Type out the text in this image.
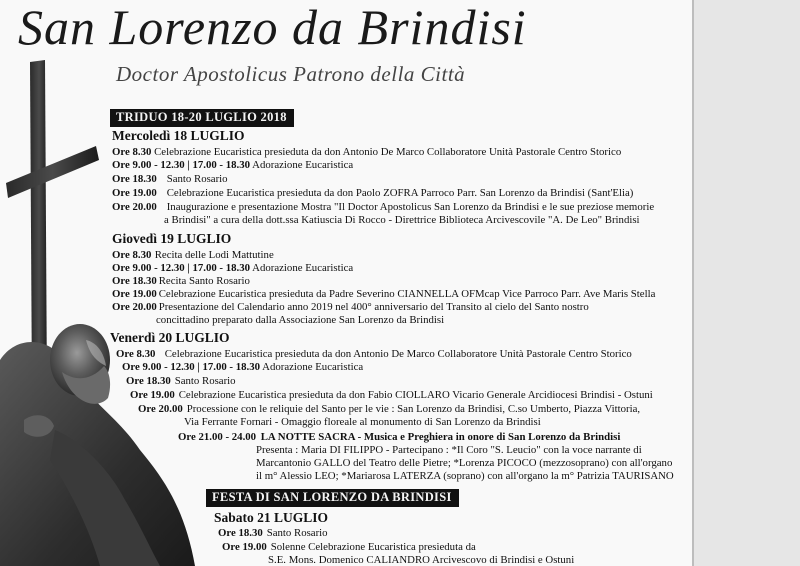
San Lorenzo da Brindisi
Doctor Apostolicus Patrono della Città
TRIDUO 18-20 LUGLIO 2018
Mercoledì 18 LUGLIO
Ore 8.30 Celebrazione Eucaristica presieduta da don Antonio De Marco Collaboratore Unità Pastorale Centro Storico
Ore 9.00 - 12.30 | 17.00 - 18.30 Adorazione Eucaristica
Ore 18.30 Santo Rosario
Ore 19.00 Celebrazione Eucaristica presieduta da don Paolo ZOFRA Parroco Parr. San Lorenzo da Brindisi (Sant'Elia)
Ore 20.00 Inaugurazione e presentazione Mostra "Il Doctor Apostolicus San Lorenzo da Brindisi e le sue preziose memorie
a Brindisi" a cura della dott.ssa Katiuscia Di Rocco - Direttrice Biblioteca Arcivescovile "A. De Leo" Brindisi
Giovedì 19 LUGLIO
Ore 8.30 Recita delle Lodi Mattutine
Ore 9.00 - 12.30 | 17.00 - 18.30 Adorazione Eucaristica
Ore 18.30 Recita Santo Rosario
Ore 19.00 Celebrazione Eucaristica presieduta da Padre Severino CIANNELLA OFMcap Vice Parroco Parr. Ave Maris Stella
Ore 20.00 Presentazione del Calendario anno 2019 nel 400° anniversario del Transito al cielo del Santo nostro
concittadino preparato dalla Associazione San Lorenzo da Brindisi
Venerdì 20 LUGLIO
Ore 8.30 Celebrazione Eucaristica presieduta da don Antonio De Marco Collaboratore Unità Pastorale Centro Storico
Ore 9.00 - 12.30 | 17.00 - 18.30 Adorazione Eucaristica
Ore 18.30 Santo Rosario
Ore 19.00 Celebrazione Eucaristica presieduta da don Fabio CIOLLARO Vicario Generale Arcidiocesi Brindisi - Ostuni
Ore 20.00 Processione con le reliquie del Santo per le vie : San Lorenzo da Brindisi, C.so Umberto, Piazza Vittoria,
Via Ferrante Fornari - Omaggio floreale al monumento di San Lorenzo da Brindisi
Ore 21.00 - 24.00 LA NOTTE SACRA - Musica e Preghiera in onore di San Lorenzo da Brindisi
Presenta : Maria DI FILIPPO - Partecipano : *Il Coro "S. Leucio" con la voce narrante di
Marcantonio GALLO del Teatro delle Pietre; *Lorenza PICOCO (mezzosoprano) con all'organo
il m° Alessio LEO; *Mariarosa LATERZA (soprano) con all'organo la m° Patrizia TAURISANO
FESTA DI SAN LORENZO DA BRINDISI
Sabato 21 LUGLIO
Ore 18.30 Santo Rosario
Ore 19.00 Solenne Celebrazione Eucaristica presieduta da
S.E. Mons. Domenico CALIANDRO Arcivescovo di Brindisi e Ostuni
